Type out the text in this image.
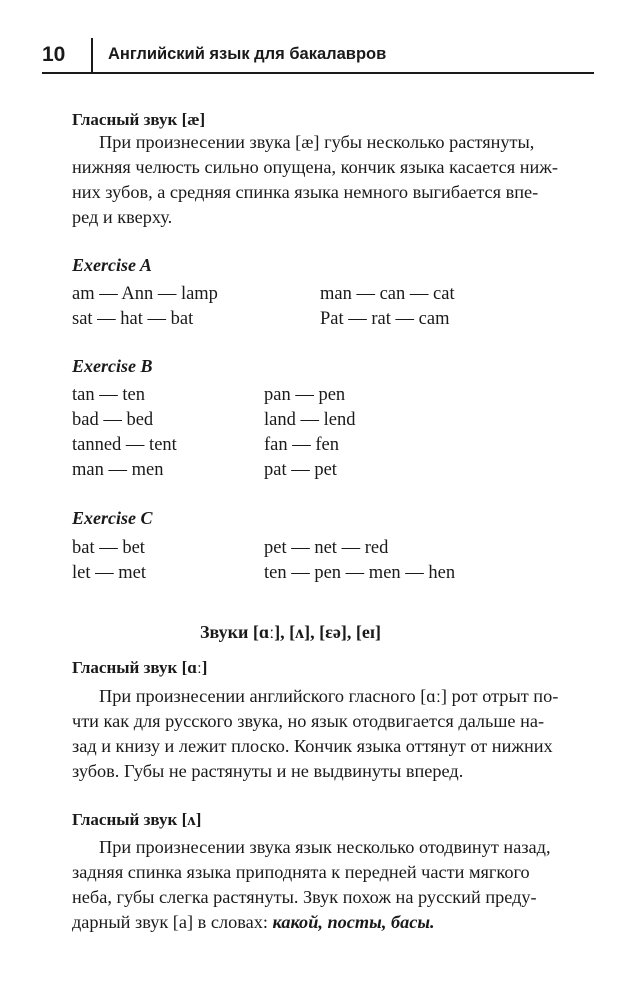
10	Английский язык для бакалавров
Гласный звук [æ]
При произнесении звука [æ] губы несколько растянуты,
нижняя челюсть сильно опущена, кончик языка касается ниж-
них зубов, а средняя спинка языка немного выгибается впе-
ред и кверху.
Exercise A
am — Ann — lamp	man — can — cat
sat — hat — bat	Pat — rat — cam
Exercise B
tan — ten	pan — pen
bad — bed	land — lend
tanned — tent	fan — fen
man — men	pat — pet
Exercise C
bat — bet	pet — net — red
let — met	ten — pen — men — hen
Звуки [ɑː], [ʌ], [ɛə], [eɪ]
Гласный звук [ɑː]
При произнесении английского гласного [ɑː] рот отрыт по-
чти как для русского звука, но язык отодвигается дальше на-
зад и книзу и лежит плоско. Кончик языка оттянут от нижних
зубов. Губы не растянуты и не выдвинуты вперед.
Гласный звук [ʌ]
При произнесении звука язык несколько отодвинут назад,
задняя спинка языка приподнята к передней части мягкого
неба, губы слегка растянуты. Звук похож на русский преду-
дарный звук [а] в словах: какой, посты, басы.
